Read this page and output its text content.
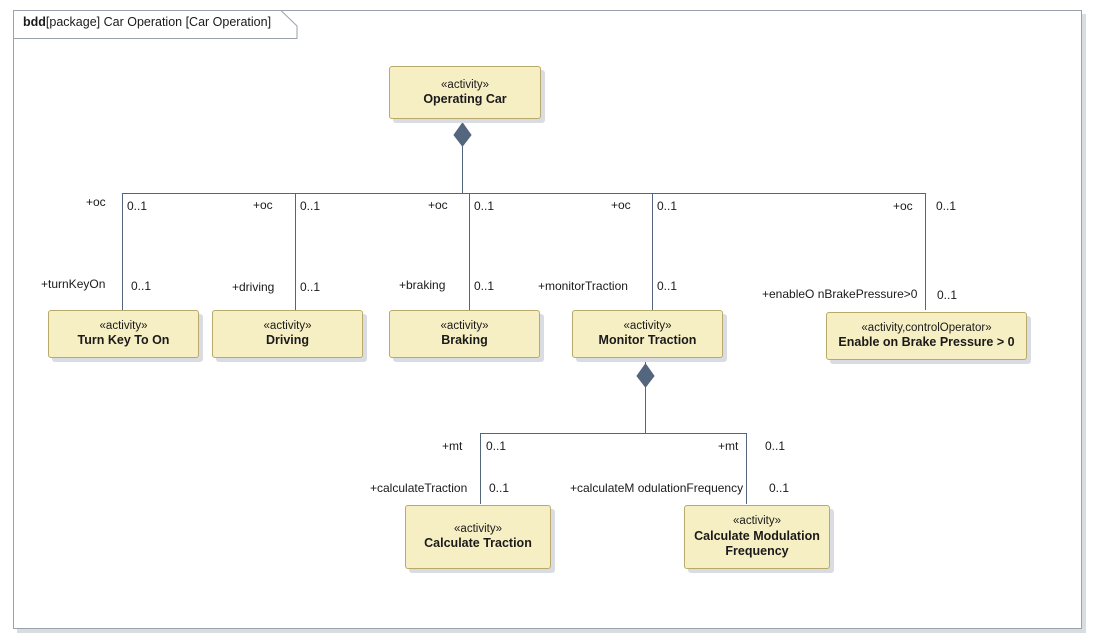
bdd[package] Car Operation [Car Operation]
«activity»
Operating Car
«activity»
Turn Key To On
«activity»
Driving
«activity»
Braking
«activity»
Monitor Traction
«activity,controlOperator»
Enable on Brake Pressure > 0
«activity»
Calculate Traction
«activity»
Calculate Modulation Frequency
+oc 0..1
+turnKeyOn 0..1
+oc 0..1
+driving 0..1
+oc 0..1
+braking 0..1
+oc 0..1
+monitorTraction 0..1
+oc 0..1
+enableO nBrakePressure>0 0..1
+mt 0..1
+calculateTraction 0..1
+mt 0..1
+calculateM odulationFrequency 0..1
